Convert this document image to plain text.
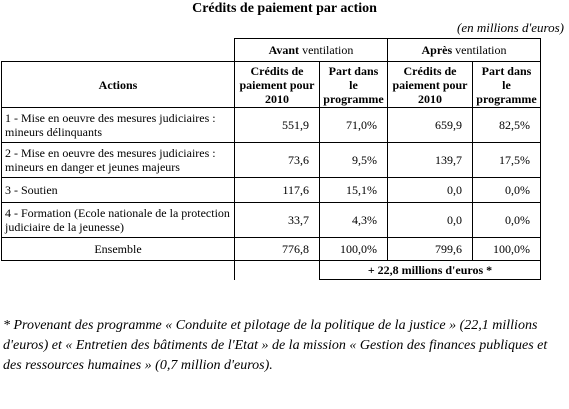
Crédits de paiement par action
(en millions d'euros)
	Avant ventilation		Après ventilation	
Actions	Crédits de paiement pour 2010	Part dans le programme	Crédits de paiement pour 2010	Part dans le programme
1 - Mise en oeuvre des mesures judiciaires : mineurs délinquants	551,9	71,0%	659,9	82,5%
2 - Mise en oeuvre des mesures judiciaires : mineurs en danger et jeunes majeurs	73,6	9,5%	139,7	17,5%
3 - Soutien	117,6	15,1%	0,0	0,0%
4 - Formation (Ecole nationale de la protection judiciaire de la jeunesse)	33,7	4,3%	0,0	0,0%
Ensemble	776,8	100,0%	799,6	100,0%
		+ 22,8 millions d'euros *		
* Provenant des programme « Conduite et pilotage de la politique de la justice » (22,1 millions d'euros) et « Entretien des bâtiments de l'Etat » de la mission « Gestion des finances publiques et des ressources humaines » (0,7 million d'euros).
